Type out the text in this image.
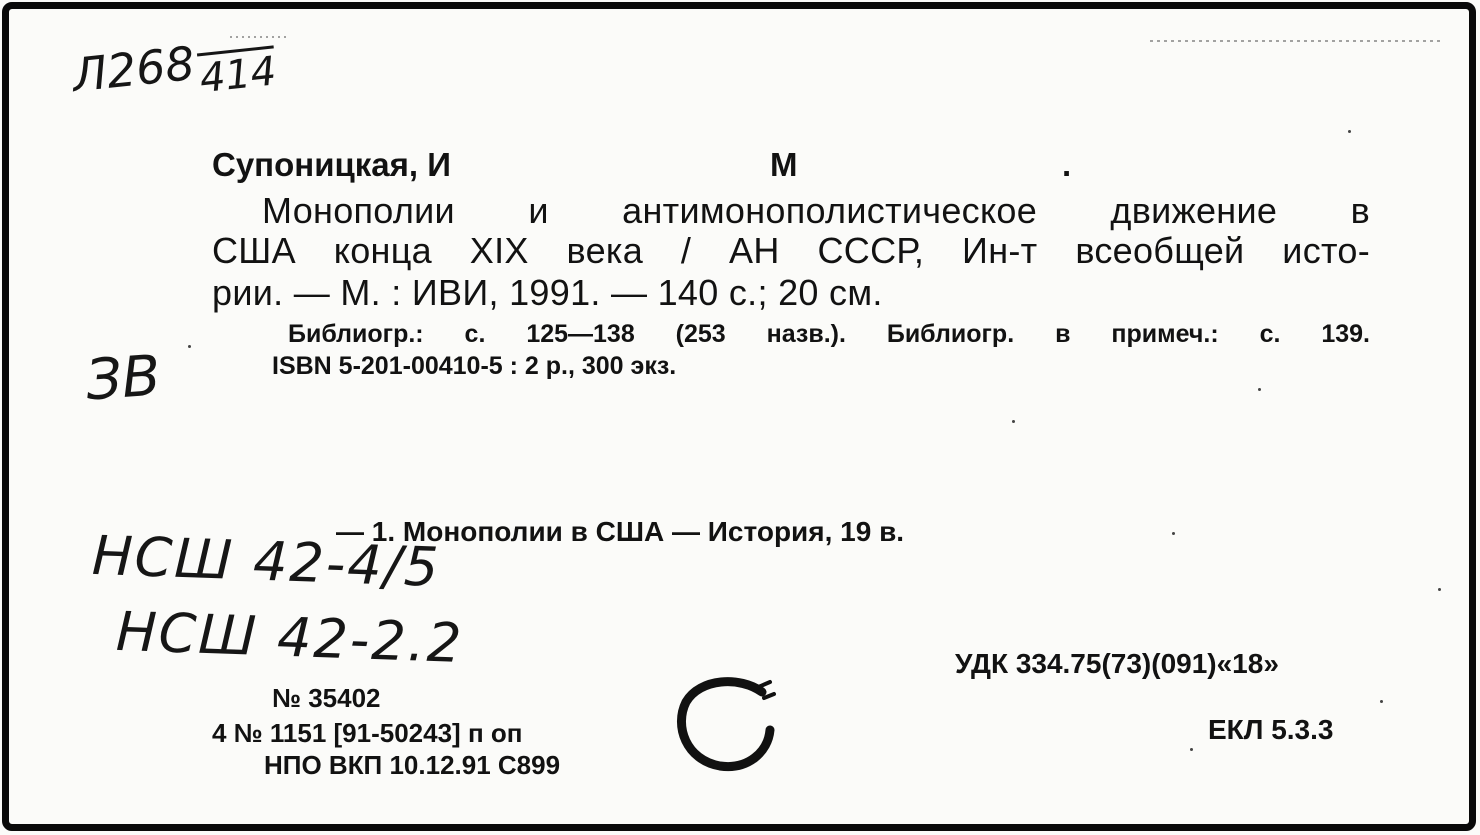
Л268414
Супоницкая, И	М	.
Монополии и антимонополистическое движение в
США конца XIX века / АН СССР, Ин-т всеобщей исто-
рии. — М. : ИВИ, 1991. — 140 с.; 20 см.
Библиогр.: с. 125—138 (253 назв.). Библиогр. в примеч.: с. 139.
ISBN 5-201-00410-5 : 2 р., 300 экз.
ЗВ
— 1. Монополии в США — История, 19 в.
НСШ 42-4/5
НСШ 42-2.2	УДК 334.75(73)(091)«18»
ЕКЛ 5.3.3
№ 35402
4 № 1151 [91-50243] п оп
НПО ВКП 10.12.91 С899
